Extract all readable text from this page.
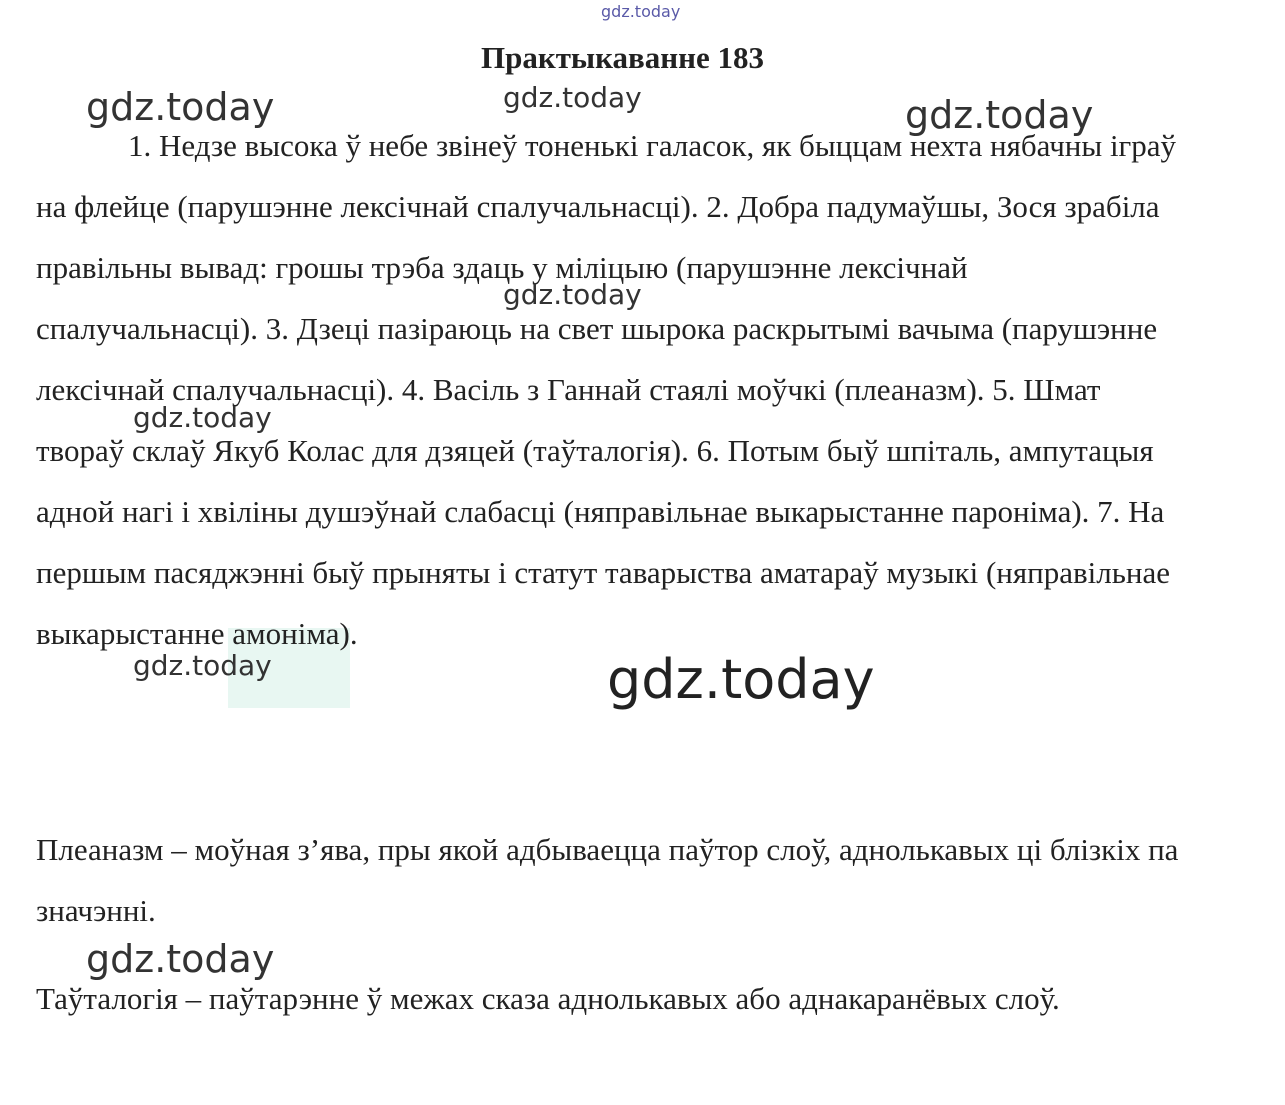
gdz.today
Практыкаванне 183
gdz.today	gdz.today	gdz.today

1. Недзе высока ў небе звінеў тоненькі галасок, як быццам нехта нябачны іграў на флейце (парушэнне лексічнай спалучальнасці). 2. Добра падумаўшы, Зося зрабіла правільны вывад: грошы трэба здаць у міліцыю (парушэнне лексічнай спалучальнасці). 3. Дзеці пазіраюць на свет шырока раскрытымі вачыма (парушэнне лексічнай спалучальнасці). 4. Васіль з Ганнай стаялі моўчкі (плеаназм). 5. Шмат твораў склаў Якуб Колас для дзяцей (таўталогія). 6. Потым быў шпіталь, ампутацыя адной нагі і хвіліны душэўнай слабасці (няправільнае выкарыстанне пароніма). 7. На першым пасяджэнні быў прыняты і статут таварыства аматараў музыкі (няправільнае выкарыстанне амоніма).

gdz.today
gdz.today
gdz.today	gdz.today

Плеаназм – моўная з’ява, пры якой адбываецца паўтор слоў, аднолькавых ці блізкіх па значэнні.

gdz.today

Таўталогія – паўтарэнне ў межах сказа аднолькавых або аднакаранёвых слоў.
